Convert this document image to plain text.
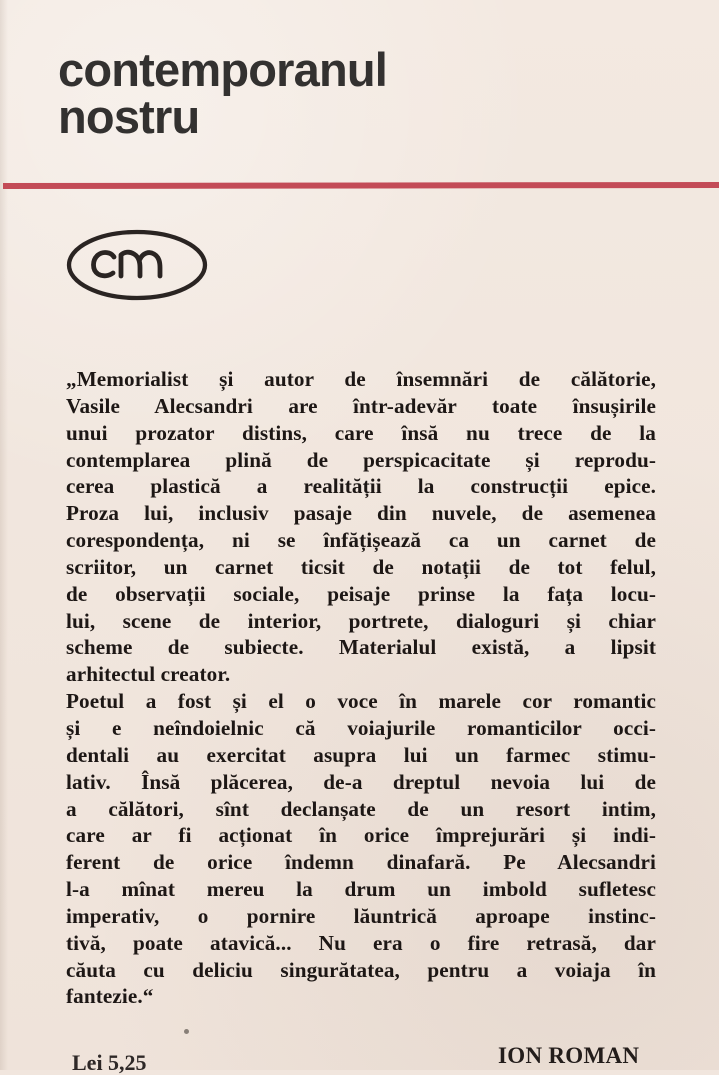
contemporanul
nostru
„Memorialist și autor de însemnări de călătorie,
Vasile Alecsandri are într-adevăr toate însușirile
unui prozator distins, care însă nu trece de la
contemplarea plină de perspicacitate și reprodu-
cerea plastică a realității la construcții epice.
Proza lui, inclusiv pasaje din nuvele, de asemenea
corespondența, ni se înfățișează ca un carnet de
scriitor, un carnet ticsit de notații de tot felul,
de observații sociale, peisaje prinse la fața locu-
lui, scene de interior, portrete, dialoguri și chiar
scheme de subiecte. Materialul există, a lipsit
arhitectul creator.
Poetul a fost și el o voce în marele cor romantic
și e neîndoielnic că voiajurile romanticilor occi-
dentali au exercitat asupra lui un farmec stimu-
lativ. Însă plăcerea, de-a dreptul nevoia lui de
a călători, sînt declanșate de un resort intim,
care ar fi acționat în orice împrejurări și indi-
ferent de orice îndemn dinafară. Pe Alecsandri
l-a mînat mereu la drum un imbold sufletesc
imperativ, o pornire lăuntrică aproape instinc-
tivă, poate atavică... Nu era o fire retrasă, dar
căuta cu deliciu singurătatea, pentru a voiaja în
fantezie.“
Lei 5,25	ION ROMAN
